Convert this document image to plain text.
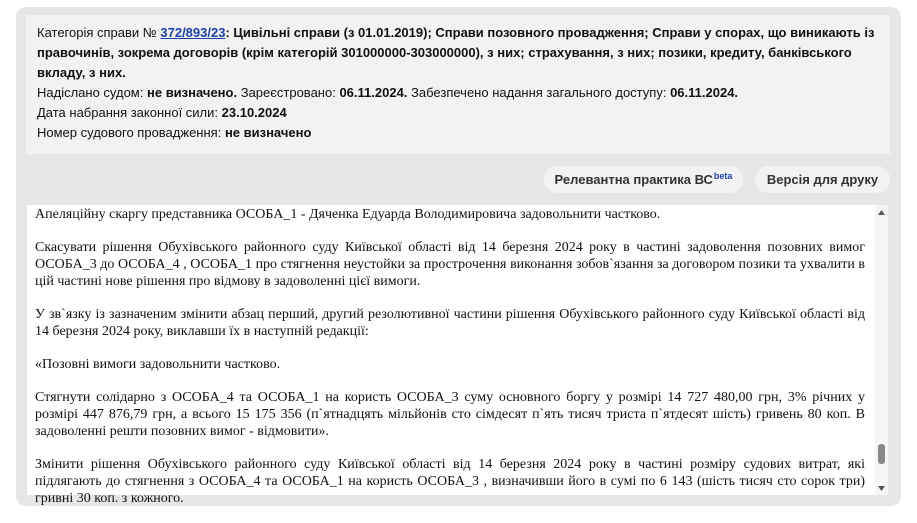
Категорія справи № 372/893/23: Цивільні справи (з 01.01.2019); Справи позовного провадження; Справи у спорах, що виникають із правочинів, зокрема договорів (крім категорій 301000000-303000000), з них; страхування, з них; позики, кредиту, банківського вкладу, з них.
Надіслано судом: не визначено. Зареєстровано: 06.11.2024. Забезпечено надання загального доступу: 06.11.2024.
Дата набрання законної сили: 23.10.2024
Номер судового провадження: не визначено
Релевантна практика $ВС^{beta}$	Версія для друку

Апеляційну скаргу представника ОСОБА_1 - Дяченка Едуарда Володимировича задовольнити частково.

Скасувати рішення Обухівського районного суду Київської області від 14 березня 2024 року в частині задоволення позовних вимог ОСОБА_3 до ОСОБА_4 , ОСОБА_1 про стягнення неустойки за прострочення виконання зобов`язання за договором позики та ухвалити в цій частині нове рішення про відмову в задоволенні цієї вимоги.

У зв`язку із зазначеним змінити абзац перший, другий резолютивної частини рішення Обухівського районного суду Київської області від 14 березня 2024 року, виклавши їх в наступній редакції:

«Позовні вимоги задовольнити частково.

Стягнути солідарно з ОСОБА_4 та ОСОБА_1 на користь ОСОБА_3 суму основного боргу у розмірі 14 727 480,00 грн, 3% річних у розмірі 447 876,79 грн, а всього 15 175 356 (п`ятнадцять мільйонів сто сімдесят п`ять тисяч триста п`ятдесят шість) гривень 80 коп. В задоволенні решти позовних вимог - відмовити».

Змінити рішення Обухівського районного суду Київської області від 14 березня 2024 року в частині розміру судових витрат, які підлягають до стягнення з ОСОБА_4 та ОСОБА_1 на користь ОСОБА_3 , визначивши його в сумі по 6 143 (шість тисяч сто сорок три) гривні 30 коп. з кожного.
